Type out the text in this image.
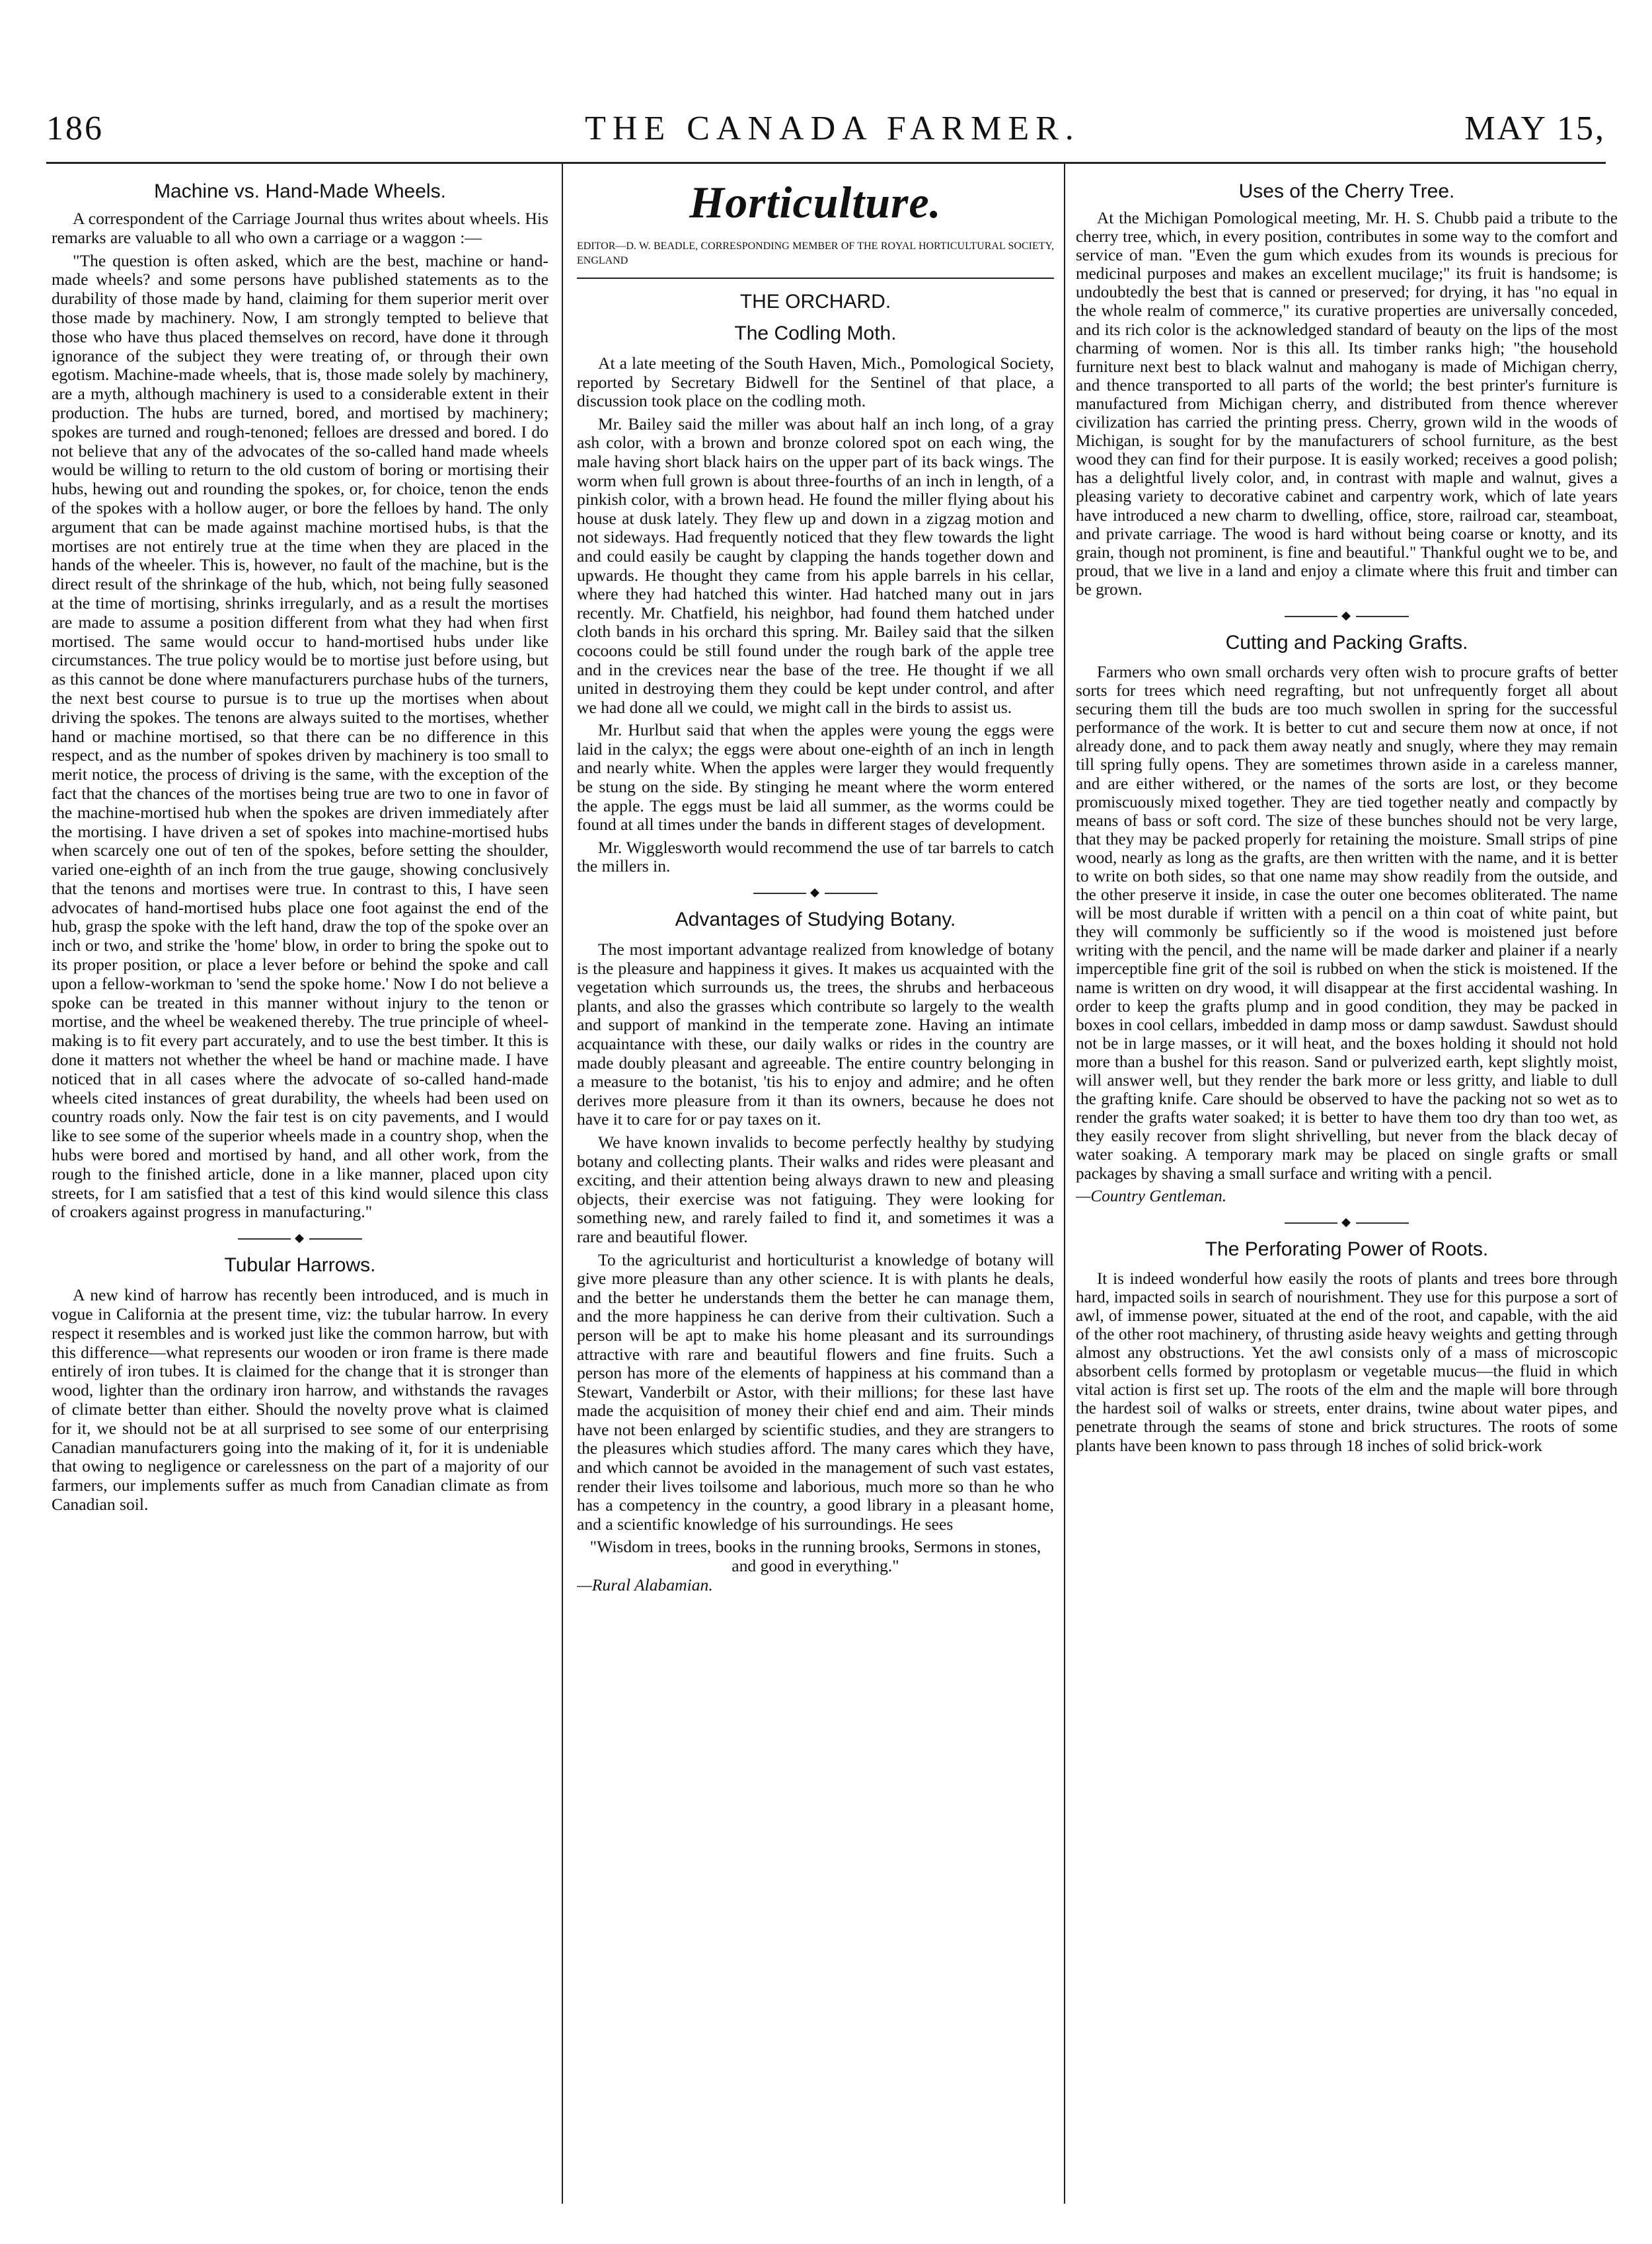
186	THE CANADA FARMER.	MAY 15,
Machine vs. Hand-Made Wheels.

A correspondent of the Carriage Journal thus writes about wheels. His remarks are valuable to all who own a carriage or a waggon :—

"The question is often asked, which are the best, machine or hand-made wheels? and some persons have published statements as to the durability of those made by hand, claiming for them superior merit over those made by machinery. Now, I am strongly tempted to believe that those who have thus placed themselves on record, have done it through ignorance of the subject they were treating of, or through their own egotism. Machine-made wheels, that is, those made solely by machinery, are a myth, although machinery is used to a considerable extent in their production. The hubs are turned, bored, and mortised by machinery; spokes are turned and rough-tenoned; felloes are dressed and bored. I do not believe that any of the advocates of the so-called hand made wheels would be willing to return to the old custom of boring or mortising their hubs, hewing out and rounding the spokes, or, for choice, tenon the ends of the spokes with a hollow auger, or bore the felloes by hand. The only argument that can be made against machine mortised hubs, is that the mortises are not entirely true at the time when they are placed in the hands of the wheeler. This is, however, no fault of the machine, but is the direct result of the shrinkage of the hub, which, not being fully seasoned at the time of mortising, shrinks irregularly, and as a result the mortises are made to assume a position different from what they had when first mortised. The same would occur to hand-mortised hubs under like circumstances. The true policy would be to mortise just before using, but as this cannot be done where manufacturers purchase hubs of the turners, the next best course to pursue is to true up the mortises when about driving the spokes. The tenons are always suited to the mortises, whether hand or machine mortised, so that there can be no difference in this respect, and as the number of spokes driven by machinery is too small to merit notice, the process of driving is the same, with the exception of the fact that the chances of the mortises being true are two to one in favor of the machine-mortised hub when the spokes are driven immediately after the mortising. I have driven a set of spokes into machine-mortised hubs when scarcely one out of ten of the spokes, before setting the shoulder, varied one-eighth of an inch from the true gauge, showing conclusively that the tenons and mortises were true. In contrast to this, I have seen advocates of hand-mortised hubs place one foot against the end of the hub, grasp the spoke with the left hand, draw the top of the spoke over an inch or two, and strike the 'home' blow, in order to bring the spoke out to its proper position, or place a lever before or behind the spoke and call upon a fellow-workman to 'send the spoke home.' Now I do not believe a spoke can be treated in this manner without injury to the tenon or mortise, and the wheel be weakened thereby. The true principle of wheel-making is to fit every part accurately, and to use the best timber. It this is done it matters not whether the wheel be hand or machine made. I have noticed that in all cases where the advocate of so-called hand-made wheels cited instances of great durability, the wheels had been used on country roads only. Now the fair test is on city pavements, and I would like to see some of the superior wheels made in a country shop, when the hubs were bored and mortised by hand, and all other work, from the rough to the finished article, done in a like manner, placed upon city streets, for I am satisfied that a test of this kind would silence this class of croakers against progress in manufacturing."

◆
Tubular Harrows.

A new kind of harrow has recently been introduced, and is much in vogue in California at the present time, viz: the tubular harrow. In every respect it resembles and is worked just like the common harrow, but with this difference—what represents our wooden or iron frame is there made entirely of iron tubes. It is claimed for the change that it is stronger than wood, lighter than the ordinary iron harrow, and withstands the ravages of climate better than either. Should the novelty prove what is claimed for it, we should not be at all surprised to see some of our enterprising Canadian manufacturers going into the making of it, for it is undeniable that owing to negligence or carelessness on the part of a majority of our farmers, our implements suffer as much from Canadian climate as from Canadian soil.

Horticulture.
EDITOR—D. W. BEADLE, CORRESPONDING MEMBER OF THE ROYAL HORTICULTURAL SOCIETY, ENGLAND
THE ORCHARD.
The Codling Moth.

At a late meeting of the South Haven, Mich., Pomological Society, reported by Secretary Bidwell for the Sentinel of that place, a discussion took place on the codling moth.

Mr. Bailey said the miller was about half an inch long, of a gray ash color, with a brown and bronze colored spot on each wing, the male having short black hairs on the upper part of its back wings. The worm when full grown is about three-fourths of an inch in length, of a pinkish color, with a brown head. He found the miller flying about his house at dusk lately. They flew up and down in a zigzag motion and not sideways. Had frequently noticed that they flew towards the light and could easily be caught by clapping the hands together down and upwards. He thought they came from his apple barrels in his cellar, where they had hatched this winter. Had hatched many out in jars recently. Mr. Chatfield, his neighbor, had found them hatched under cloth bands in his orchard this spring. Mr. Bailey said that the silken cocoons could be still found under the rough bark of the apple tree and in the crevices near the base of the tree. He thought if we all united in destroying them they could be kept under control, and after we had done all we could, we might call in the birds to assist us.

Mr. Hurlbut said that when the apples were young the eggs were laid in the calyx; the eggs were about one-eighth of an inch in length and nearly white. When the apples were larger they would frequently be stung on the side. By stinging he meant where the worm entered the apple. The eggs must be laid all summer, as the worms could be found at all times under the bands in different stages of development.

Mr. Wigglesworth would recommend the use of tar barrels to catch the millers in.

◆
Advantages of Studying Botany.

The most important advantage realized from knowledge of botany is the pleasure and happiness it gives. It makes us acquainted with the vegetation which surrounds us, the trees, the shrubs and herbaceous plants, and also the grasses which contribute so largely to the wealth and support of mankind in the temperate zone. Having an intimate acquaintance with these, our daily walks or rides in the country are made doubly pleasant and agreeable. The entire country belonging in a measure to the botanist, 'tis his to enjoy and admire; and he often derives more pleasure from it than its owners, because he does not have it to care for or pay taxes on it.

We have known invalids to become perfectly healthy by studying botany and collecting plants. Their walks and rides were pleasant and exciting, and their attention being always drawn to new and pleasing objects, their exercise was not fatiguing. They were looking for something new, and rarely failed to find it, and sometimes it was a rare and beautiful flower.

To the agriculturist and horticulturist a knowledge of botany will give more pleasure than any other science. It is with plants he deals, and the better he understands them the better he can manage them, and the more happiness he can derive from their cultivation. Such a person will be apt to make his home pleasant and its surroundings attractive with rare and beautiful flowers and fine fruits. Such a person has more of the elements of happiness at his command than a Stewart, Vanderbilt or Astor, with their millions; for these last have made the acquisition of money their chief end and aim. Their minds have not been enlarged by scientific studies, and they are strangers to the pleasures which studies afford. The many cares which they have, and which cannot be avoided in the management of such vast estates, render their lives toilsome and laborious, much more so than he who has a competency in the country, a good library in a pleasant home, and a scientific knowledge of his surroundings. He sees

"Wisdom in trees, books in the running brooks, Sermons in stones, and good in everything."

—Rural Alabamian.

Uses of the Cherry Tree.

At the Michigan Pomological meeting, Mr. H. S. Chubb paid a tribute to the cherry tree, which, in every position, contributes in some way to the comfort and service of man. "Even the gum which exudes from its wounds is precious for medicinal purposes and makes an excellent mucilage;" its fruit is handsome; is undoubtedly the best that is canned or preserved; for drying, it has "no equal in the whole realm of commerce," its curative properties are universally conceded, and its rich color is the acknowledged standard of beauty on the lips of the most charming of women. Nor is this all. Its timber ranks high; "the household furniture next best to black walnut and mahogany is made of Michigan cherry, and thence transported to all parts of the world; the best printer's furniture is manufactured from Michigan cherry, and distributed from thence wherever civilization has carried the printing press. Cherry, grown wild in the woods of Michigan, is sought for by the manufacturers of school furniture, as the best wood they can find for their purpose. It is easily worked; receives a good polish; has a delightful lively color, and, in contrast with maple and walnut, gives a pleasing variety to decorative cabinet and carpentry work, which of late years have introduced a new charm to dwelling, office, store, railroad car, steamboat, and private carriage. The wood is hard without being coarse or knotty, and its grain, though not prominent, is fine and beautiful." Thankful ought we to be, and proud, that we live in a land and enjoy a climate where this fruit and timber can be grown.

◆
Cutting and Packing Grafts.

Farmers who own small orchards very often wish to procure grafts of better sorts for trees which need regrafting, but not unfrequently forget all about securing them till the buds are too much swollen in spring for the successful performance of the work. It is better to cut and secure them now at once, if not already done, and to pack them away neatly and snugly, where they may remain till spring fully opens. They are sometimes thrown aside in a careless manner, and are either withered, or the names of the sorts are lost, or they become promiscuously mixed together. They are tied together neatly and compactly by means of bass or soft cord. The size of these bunches should not be very large, that they may be packed properly for retaining the moisture. Small strips of pine wood, nearly as long as the grafts, are then written with the name, and it is better to write on both sides, so that one name may show readily from the outside, and the other preserve it inside, in case the outer one becomes obliterated. The name will be most durable if written with a pencil on a thin coat of white paint, but they will commonly be sufficiently so if the wood is moistened just before writing with the pencil, and the name will be made darker and plainer if a nearly imperceptible fine grit of the soil is rubbed on when the stick is moistened. If the name is written on dry wood, it will disappear at the first accidental washing. In order to keep the grafts plump and in good condition, they may be packed in boxes in cool cellars, imbedded in damp moss or damp sawdust. Sawdust should not be in large masses, or it will heat, and the boxes holding it should not hold more than a bushel for this reason. Sand or pulverized earth, kept slightly moist, will answer well, but they render the bark more or less gritty, and liable to dull the grafting knife. Care should be observed to have the packing not so wet as to render the grafts water soaked; it is better to have them too dry than too wet, as they easily recover from slight shrivelling, but never from the black decay of water soaking. A temporary mark may be placed on single grafts or small packages by shaving a small surface and writing with a pencil.

—Country Gentleman.

◆
The Perforating Power of Roots.

It is indeed wonderful how easily the roots of plants and trees bore through hard, impacted soils in search of nourishment. They use for this purpose a sort of awl, of immense power, situated at the end of the root, and capable, with the aid of the other root machinery, of thrusting aside heavy weights and getting through almost any obstructions. Yet the awl consists only of a mass of microscopic absorbent cells formed by protoplasm or vegetable mucus—the fluid in which vital action is first set up. The roots of the elm and the maple will bore through the hardest soil of walks or streets, enter drains, twine about water pipes, and penetrate through the seams of stone and brick structures. The roots of some plants have been known to pass through 18 inches of solid brick-work
